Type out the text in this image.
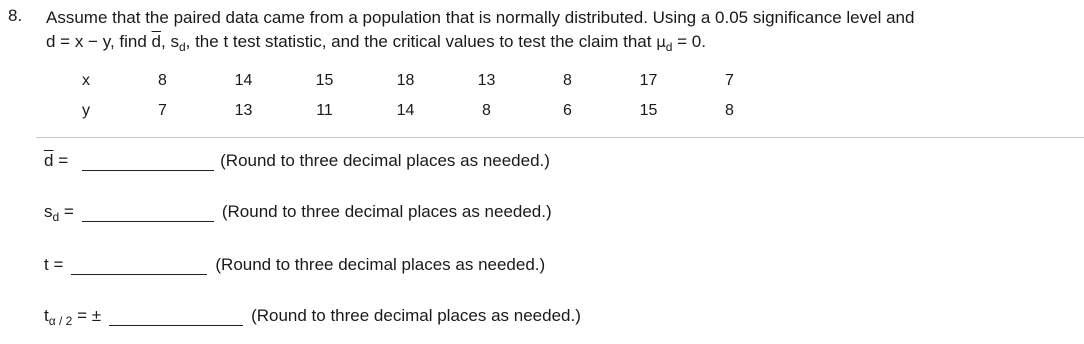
8. Assume that the paired data came from a population that is normally distributed. Using a 0.05 significance level and
d = x − y, find $\overline{d}$, $s_d$, the t test statistic, and the critical values to test the claim that $\mu_d = 0$.
x	8	14	15	18	13	8	17	7
y	7	13	11	14	8	6	15	8
$\overline{d}$ =	(Round to three decimal places as needed.)
$s_d$ =	(Round to three decimal places as needed.)
t =	(Round to three decimal places as needed.)
$t_{\alpha / 2}$ = ±	(Round to three decimal places as needed.)
